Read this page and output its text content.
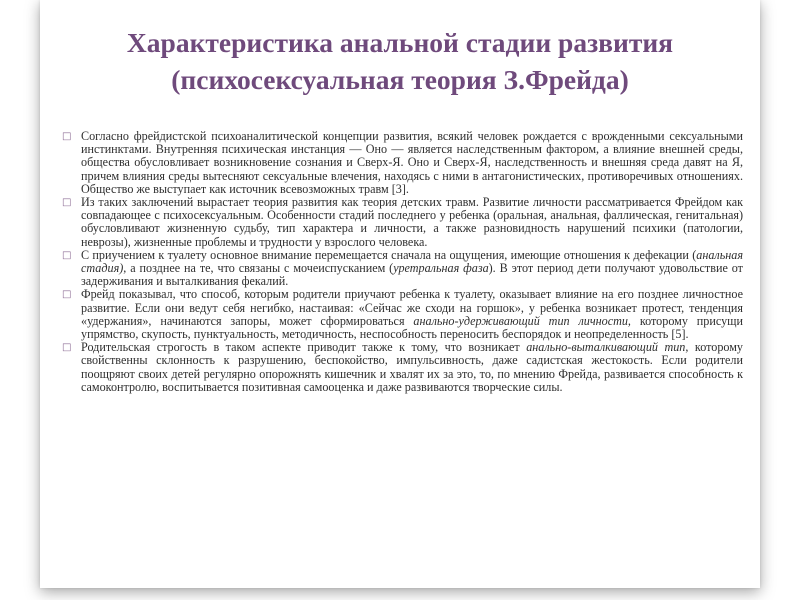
Характеристика анальной стадии развития
(психосексуальная теория З.Фрейда)
□ Согласно фрейдистской психоаналитической концепции развития, всякий человек рождается с врожденными сексуальными инстинктами. Внутренняя психическая инстанция — Оно — является наследственным фактором, а влияние внешней среды, общества обусловливает возникновение сознания и Сверх-Я. Оно и Сверх-Я, наследственность и внешняя среда давят на Я, причем влияния среды вытесняют сексуальные влечения, находясь с ними в антагонистических, противоречивых отношениях. Общество же выступает как источник всевозможных травм [3].
□ Из таких заключений вырастает теория развития как теория детских травм. Развитие личности рассматривается Фрейдом как совпадающее с психосексуальным. Особенности стадий последнего у ребенка (оральная, анальная, фаллическая, генитальная) обусловливают жизненную судьбу, тип характера и личности, а также разновидность нарушений психики (патологии, неврозы), жизненные проблемы и трудности у взрослого человека.
□ С приучением к туалету основное внимание перемещается сначала на ощущения, имеющие отношения к дефекации (анальная стадия), а позднее на те, что связаны с мочеиспусканием (уретральная фаза). В этот период дети получают удовольствие от задерживания и выталкивания фекалий.
□ Фрейд показывал, что способ, которым родители приучают ребенка к туалету, оказывает влияние на его позднее личностное развитие. Если они ведут себя негибко, настаивая: «Сейчас же сходи на горшок», у ребенка возникает протест, тенденция «удержания», начинаются запоры, может сформироваться анально-удерживающий тип личности, которому присущи упрямство, скупость, пунктуальность, методичность, неспособность переносить беспорядок и неопределенность [5].
□ Родительская строгость в таком аспекте приводит также к тому, что возникает анально-выталкивающий тип, которому свойственны склонность к разрушению, беспокойство, импульсивность, даже садистская жестокость. Если родители поощряют своих детей регулярно опорожнять кишечник и хвалят их за это, то, по мнению Фрейда, развивается способность к самоконтролю, воспитывается позитивная самооценка и даже развиваются творческие силы.
